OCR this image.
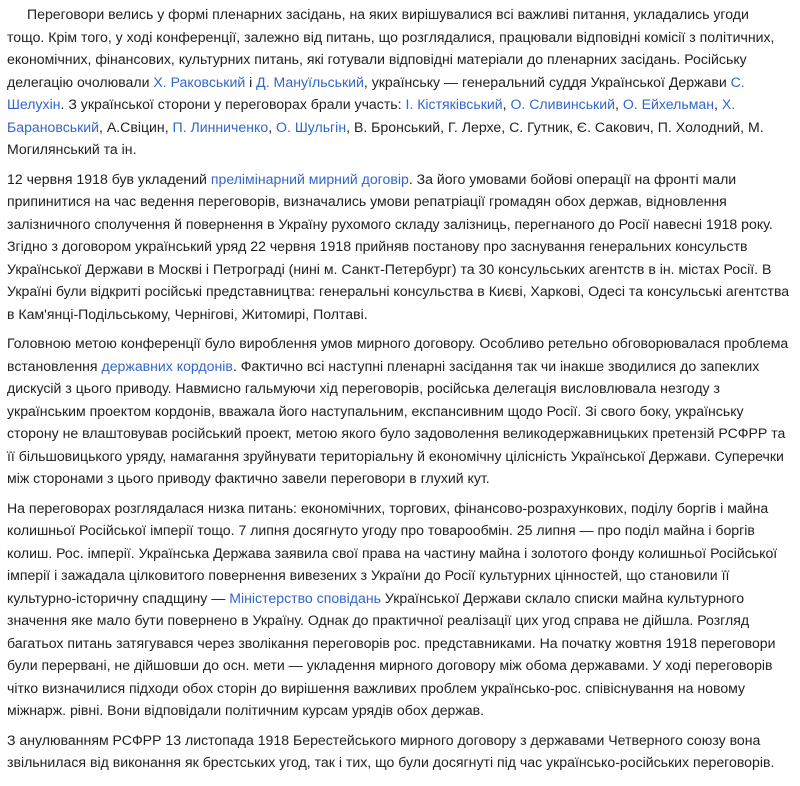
Переговори велись у формі пленарних засідань, на яких вирішувалися всі важливі питання, укладались угоди тощо. Крім того, у ході конференції, залежно від питань, що розглядалися, працювали відповідні комісії з політичних, економічних, фінансових, культурних питань, які готували відповідні матеріали до пленарних засідань. Російську делегацію очолювали Х. Раковський і Д. Мануїльський, українську — генеральний суддя Української Держави С. Шелухін. З української сторони у переговорах брали участь: І. Кістяківський, О. Сливинський, О. Ейхельман, Х. Барановський, А.Свіцин, П. Линниченко, О. Шульгін, В. Бронський, Г. Лерхе, С. Гутник, Є. Сакович, П. Холодний, М. Могилянський та ін.

12 червня 1918 був укладений прелімінарний мирний договір. За його умовами бойові операції на фронті мали припинитися на час ведення переговорів, визначались умови репатріації громадян обох держав, відновлення залізничного сполучення й повернення в Україну рухомого складу залізниць, перегнаного до Росії навесні 1918 року. Згідно з договором український уряд 22 червня 1918 прийняв постанову про заснування генеральних консульств Української Держави в Москві і Петрограді (нині м. Санкт-Петербург) та 30 консульських агентств в ін. містах Росії. В Україні були відкриті російські представництва: генеральні консульства в Києві, Харкові, Одесі та консульські агентства в Кам'янці-Подільському, Чернігові, Житомирі, Полтаві.

Головною метою конференції було вироблення умов мирного договору. Особливо ретельно обговорювалася проблема встановлення державних кордонів. Фактично всі наступні пленарні засідання так чи інакше зводилися до запеклих дискусій з цього приводу. Навмисно гальмуючи хід переговорів, російська делегація висловлювала незгоду з українським проектом кордонів, вважала його наступальним, експансивним щодо Росії. Зі свого боку, українську сторону не влаштовував російський проект, метою якого було задоволення великодержавницьких претензій РСФРР та її більшовицького уряду, намагання зруйнувати територіальну й економічну цілісність Української Держави. Суперечки між сторонами з цього приводу фактично завели переговори в глухий кут.

На переговорах розглядалася низка питань: економічних, торгових, фінансово-розрахункових, поділу боргів і майна колишньої Російської імперії тощо. 7 липня досягнуто угоду про товарообмін. 25 липня — про поділ майна і боргів колиш. Рос. імперії. Українська Держава заявила свої права на частину майна і золотого фонду колишньої Російської імперії і зажадала цілковитого повернення вивезених з України до Росії культурних цінностей, що становили її культурно-історичну спадщину — Міністерство сповідань Української Держави склало списки майна культурного значення яке мало бути повернено в Україну. Однак до практичної реалізації цих угод справа не дійшла. Розгляд багатьох питань затягувався через зволікання переговорів рос. представниками. На початку жовтня 1918 переговори були перервані, не дійшовши до осн. мети — укладення мирного договору між обома державами. У ході переговорів чітко визначилися підходи обох сторін до вирішення важливих проблем українсько-рос. співіснування на новому міжнарж. рівні. Вони відповідали політичним курсам урядів обох держав.

З анулюванням РСФРР 13 листопада 1918 Берестейського мирного договору з державами Четверного союзу вона звільнилася від виконання як брестських угод, так і тих, що були досягнуті під час українсько-російських переговорів.
